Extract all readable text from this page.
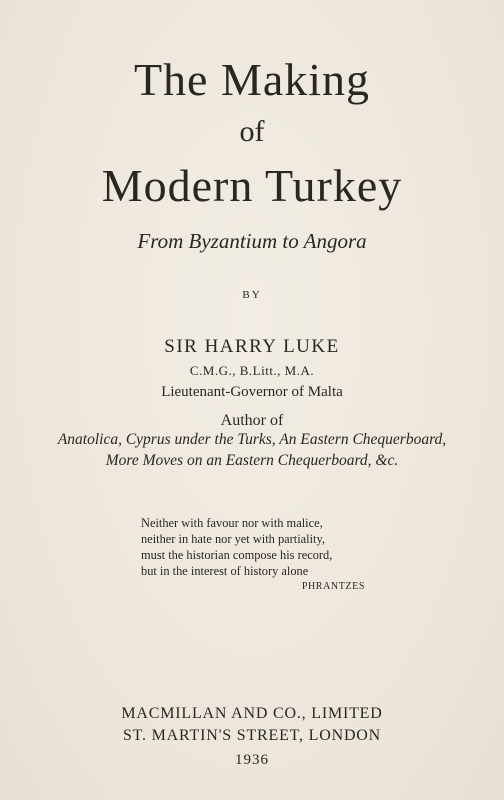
The Making
of
Modern Turkey
From Byzantium to Angora
BY
SIR HARRY LUKE
C.M.G., B.Litt., M.A.
Lieutenant-Governor of Malta
Author of
Anatolica, Cyprus under the Turks, An Eastern Chequerboard,
More Moves on an Eastern Chequerboard, &c.
Neither with favour nor with malice,
neither in hate nor yet with partiality,
must the historian compose his record,
but in the interest of history alone
PHRANTZES
MACMILLAN AND CO., LIMITED
ST. MARTIN'S STREET, LONDON
1936
